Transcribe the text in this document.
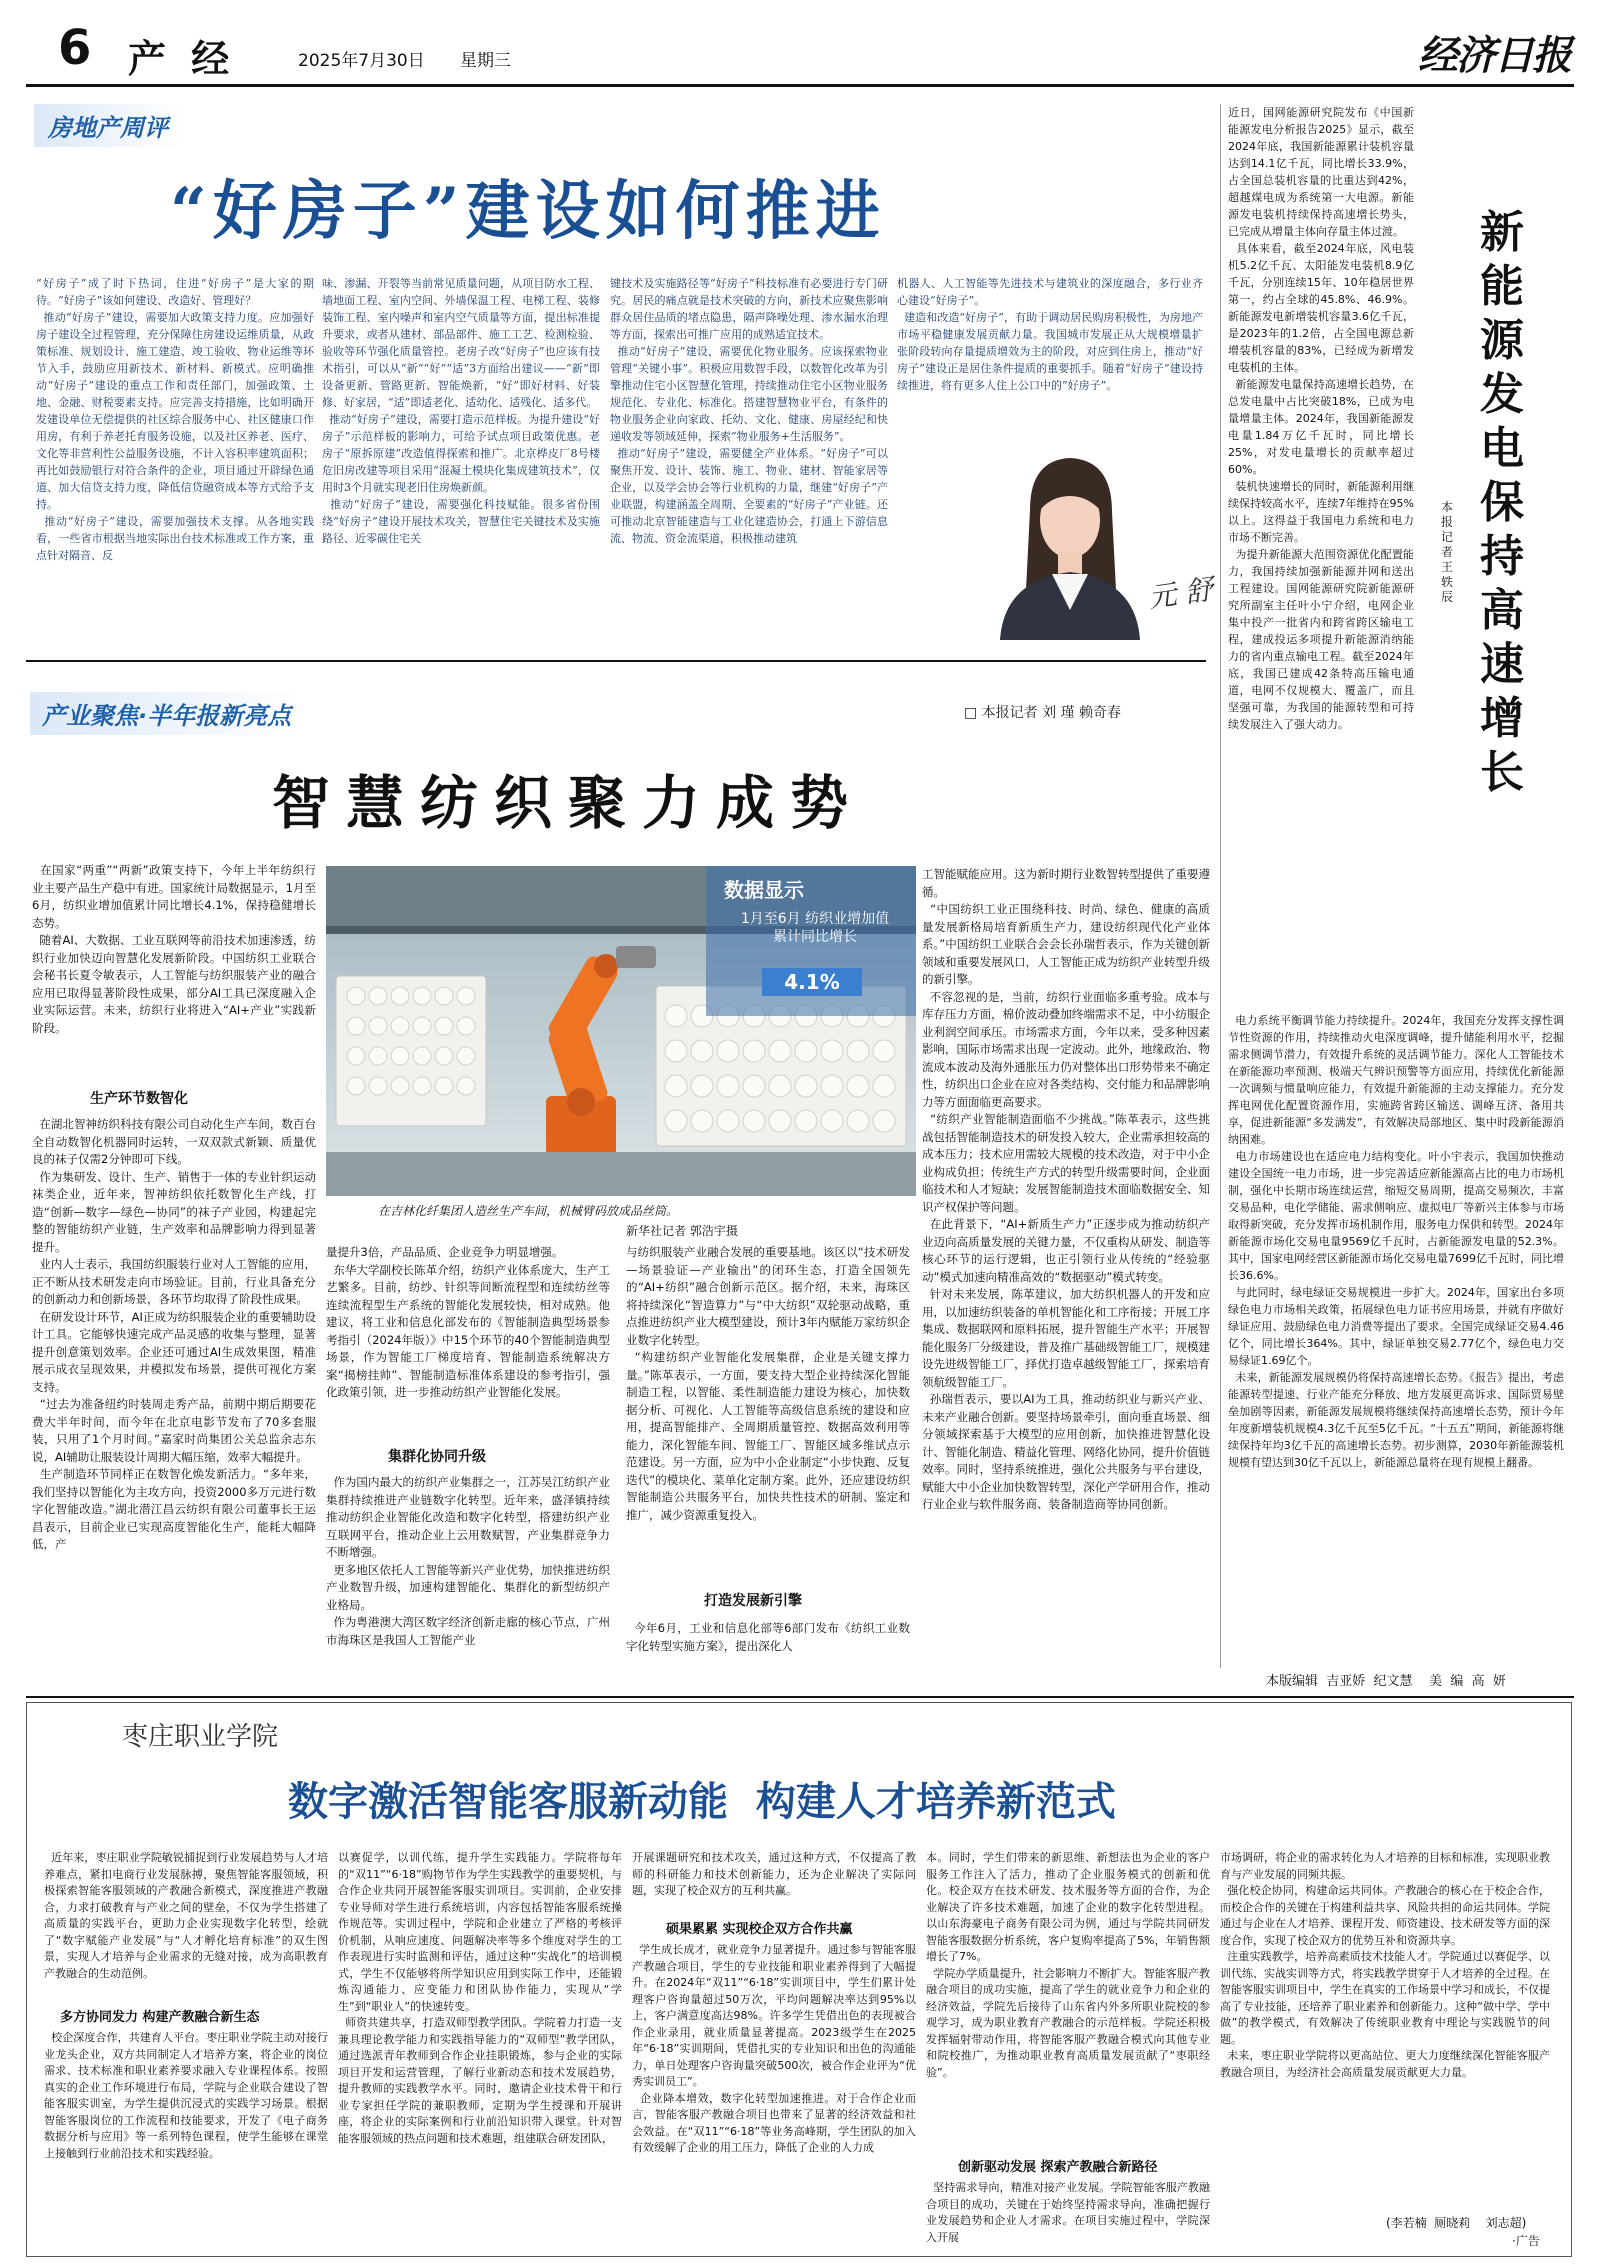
6 产 经	2025年7月30日 星期三	经济日报
房地产周评
“好房子”建设如何推进
“好房子”成了时下热词，住进“好房子”是大家的期待。“好房子”该如何建设、改造好、管理好？
推动“好房子”建设，需要加大政策支持力度。应加强好房子建设全过程管理，充分保障住房建设运维质量，从政策标准、规划设计、施工建造、竣工验收、物业运维等环节入手，鼓励应用新技术、新材料、新模式。应明确推动“好房子”建设的重点工作和责任部门，加强政策、土地、金融、财税要素支持。应完善支持措施，比如明确开发建设单位无偿提供的社区综合服务中心、社区健康口作用房，有利于养老托育服务设施，以及社区养老、医疗、文化等非营利性公益服务设施，不计入容积率建筑面积；再比如鼓励银行对符合条件的企业，项目通过开辟绿色通道、加大信贷支持力度，降低信贷融资成本等方式给予支持。
推动“好房子”建设，需要加强技术支撑。从各地实践看，一些省市根据当地实际出台技术标准或工作方案，重点针对隔音、反
味、渗漏、开裂等当前常见质量问题，从项目防水工程、墙地面工程、室内空间、外墙保温工程、电梯工程、装修装饰工程、室内噪声和室内空气质量等方面，提出标准提升要求，或者从建材、部品部件、施工工艺、检测检验、验收等环节强化质量管控。老房子改“好房子”也应该有技术指引，可以从“新”“好”“适”3方面给出建议——“新”即设备更新、管路更新、智能焕新，“好”即好材料、好装修、好家居，“适”即适老化、适幼化、适残化、适多代。
推动“好房子”建设，需要打造示范样板。为提升建设“好房子”示范样板的影响力，可给予试点项目政策优惠。老房子“原拆原建”改造值得探索和推广。北京桦皮厂8号楼危旧房改建等项目采用“混凝土模块化集成建筑技术”，仅用时3个月就实现老旧住房焕新颜。
推动“好房子”建设，需要强化科技赋能。很多省份围绕“好房子”建设开展技术攻关，智慧住宅关键技术及实施路径、近零碳住宅关
键技术及实施路径等“好房子”科技标准有必要进行专门研究。居民的痛点就是技术突破的方向，新技术应聚焦影响群众居住品质的堵点隐患，隔声降噪处理、渗水漏水治理等方面，探索出可推广应用的成熟适宜技术。
推动“好房子”建设，需要优化物业服务。应该探索物业管理“关键小事”。积极应用数智手段，以数智化改革为引擎推动住宅小区智慧化管理，持续推动住宅小区物业服务规范化、专业化、标准化。搭建智慧物业平台，有条件的物业服务企业向家政、托幼、文化、健康、房屋经纪和快递收发等领域延伸，探索“物业服务+生活服务”。
推动“好房子”建设，需要健全产业体系。“好房子”可以聚焦开发、设计、装饰、施工、物业、建材、智能家居等企业，以及学会协会等行业机构的力量，继建“好房子”产业联盟，构建涵盖全周期、全要素的“好房子”产业链。还可推动北京智能建造与工业化建造协会，打通上下游信息流、物流、资金流渠道，积极推动建筑
机器人、人工智能等先进技术与建筑业的深度融合，多行业齐心建设“好房子”。
建造和改造“好房子”，有助于调动居民购房积极性，为房地产市场平稳健康发展贡献力量。我国城市发展正从大规模增量扩张阶段转向存量提质增效为主的阶段，对应到住房上，推动“好房子”建设正是居住条件提质的重要抓手。随着“好房子”建设持续推进，将有更多人住上公口中的“好房子”。
元 舒
产业聚焦·半年报新亮点	□ 本报记者 刘 瑾 赖奇春
智慧纺织聚力成势
在国家“两重”“两新”政策支持下，今年上半年纺织行业主要产品生产稳中有进。国家统计局数据显示，1月至6月，纺织业增加值累计同比增长4.1%，保持稳健增长态势。
随着AI、大数据、工业互联网等前沿技术加速渗透，纺织行业加快迈向智慧化发展新阶段。中国纺织工业联合会秘书长夏令敏表示，人工智能与纺织服装产业的融合应用已取得显著阶段性成果，部分AI工具已深度融入企业实际运营。未来，纺织行业将进入“AI+产业”实践新阶段。
生产环节数智化
在湖北智神纺织科技有限公司自动化生产车间，数百台全自动数智化机器同时运转，一双双款式新颖、质量优良的袜子仅需2分钟即可下线。
作为集研发、设计、生产、销售于一体的专业针织运动袜类企业，近年来，智神纺织依托数智化生产线，打造“创新—数字—绿色—协同”的袜子产业园，构建起完整的智能纺织产业链，生产效率和品牌影响力得到显著提升。
业内人士表示，我国纺织服装行业对人工智能的应用，正不断从技术研发走向市场验证。目前，行业具备充分的创新动力和创新场景，各环节均取得了阶段性成果。
在研发设计环节，AI正成为纺织服装企业的重要辅助设计工具。它能够快速完成产品灵感的收集与整理，显著提升创意策划效率。企业还可通过AI生成效果图，精准展示成衣呈现效果，并模拟发布场景，提供可视化方案支持。
“过去为准备纽约时装周走秀产品，前期中期后期要花费大半年时间，而今年在北京电影节发布了70多套服装，只用了1个月时间。”嘉家时尚集团公关总监余志东说，AI辅助让服装设计周期大幅压缩，效率大幅提升。
生产制造环节同样正在数智化焕发新活力。“多年来，我们坚持以智能化为主攻方向，投资2000多万元进行数字化智能改造。”湖北潜江昌云纺织有限公司董事长王运昌表示，目前企业已实现高度智能化生产，能耗大幅降低，产
数据显示
1月至6月 纺织业增加值累计同比增长
4.1%
在吉林化纤集团人造丝生产车间，机械臂码放成品丝筒。
新华社记者 郭浩宇摄
量提升3倍，产品品质、企业竞争力明显增强。
东华大学副校长陈革介绍，纺织产业体系庞大，生产工艺繁多。目前，纺纱、针织等间断流程型和连续纺丝等连续流程型生产系统的智能化发展较快，相对成熟。他建议，将工业和信息化部发布的《智能制造典型场景参考指引（2024年版）》中15个环节的40个智能制造典型场景，作为智能工厂梯度培育、智能制造系统解决方案“揭榜挂帅”、智能制造标准体系建设的参考指引，强化政策引领，进一步推动纺织产业智能化发展。
集群化协同升级
作为国内最大的纺织产业集群之一，江苏吴江纺织产业集群持续推进产业链数字化转型。近年来，盛泽镇持续推动纺织企业智能化改造和数字化转型，搭建纺织产业互联网平台，推动企业上云用数赋智，产业集群竞争力不断增强。
更多地区依托人工智能等新兴产业优势，加快推进纺织产业数智升级，加速构建智能化、集群化的新型纺织产业格局。
作为粤港澳大湾区数字经济创新走廊的核心节点，广州市海珠区是我国人工智能产业
与纺织服装产业融合发展的重要基地。该区以“技术研发—场景验证—产业输出”的闭环生态，打造全国领先的“AI+纺织”融合创新示范区。据介绍，未来，海珠区将持续深化“智造算力”与“中大纺织”双轮驱动战略，重点推进纺织产业大模型建设，预计3年内赋能万家纺织企业数字化转型。
“构建纺织产业智能化发展集群，企业是关键支撑力量。”陈革表示，一方面，要支持大型企业持续深化智能制造工程，以智能、柔性制造能力建设为核心，加快数据分析、可视化、人工智能等高级信息系统的建设和应用，提高智能排产、全周期质量管控、数据高效利用等能力，深化智能车间、智能工厂、智能区域多维试点示范建设。另一方面，应为中小企业制定“小步快跑、反复迭代”的模块化、菜单化定制方案。此外，还应建设纺织智能制造公共服务平台，加快共性技术的研制、鉴定和推广，减少资源重复投入。
打造发展新引擎
今年6月，工业和信息化部等6部门发布《纺织工业数字化转型实施方案》，提出深化人
工智能赋能应用。这为新时期行业数智转型提供了重要遵循。
“中国纺织工业正围绕科技、时尚、绿色、健康的高质量发展新格局培育新质生产力，建设纺织现代化产业体系。”中国纺织工业联合会会长孙瑞哲表示，作为关键创新领域和重要发展风口，人工智能正成为纺织产业转型升级的新引擎。
不容忽视的是，当前，纺织行业面临多重考验。成本与库存压力方面，棉价波动叠加终端需求不足，中小纺服企业利润空间承压。市场需求方面，今年以来，受多种因素影响，国际市场需求出现一定波动。此外，地缘政治、物流成本波动及海外通胀压力仍对整体出口形势带来不确定性，纺织出口企业在应对各类结构、交付能力和品牌影响力等方面面临更高要求。
“纺织产业智能制造面临不少挑战。”陈革表示，这些挑战包括智能制造技术的研发投入较大，企业需承担较高的成本压力；技术应用需较大规模的技术改造，对于中小企业构成负担；传统生产方式的转型升级需要时间，企业面临技术和人才短缺；发展智能制造技术面临数据安全、知识产权保护等问题。
在此背景下，“AI+新质生产力”正逐步成为推动纺织产业迈向高质量发展的关键力量，不仅重构从研发、制造等核心环节的运行逻辑，也正引领行业从传统的“经验驱动”模式加速向精准高效的“数据驱动”模式转变。
针对未来发展，陈革建议，加大纺织机器人的开发和应用，以加速纺织装备的单机智能化和工序衔接；开展工序集成、数据联网和原料拓展，提升智能生产水平；开展智能化服务厂分级建设，普及推广基础级智能工厂，规模建设先进级智能工厂，择优打造卓越级智能工厂，探索培育领航级智能工厂。
孙瑞哲表示，要以AI为工具，推动纺织业与新兴产业、未来产业融合创新。要坚持场景牵引，面向垂直场景、细分领域探索基于大模型的应用创新，加快推进智慧化设计、智能化制造、精益化管理、网络化协同，提升价值链效率。同时，坚持系统推进，强化公共服务与平台建设，赋能大中小企业加快数智转型，深化产学研用合作，推动行业企业与软件服务商、装备制造商等协同创新。
近日，国网能源研究院发布《中国新能源发电分析报告2025》显示，截至2024年底，我国新能源累计装机容量达到14.1亿千瓦，同比增长33.9%，占全国总装机容量的比重达到42%，超越煤电成为系统第一大电源。新能源发电装机持续保持高速增长势头，已完成从增量主体向存量主体过渡。
具体来看，截至2024年底，风电装机5.2亿千瓦、太阳能发电装机8.9亿千瓦，分别连续15年、10年稳居世界第一，约占全球的45.8%、46.9%。新能源发电新增装机容量3.6亿千瓦，是2023年的1.2倍，占全国电源总新增装机容量的83%，已经成为新增发电装机的主体。
新能源发电量保持高速增长趋势，在总发电量中占比突破18%，已成为电量增量主体。2024年，我国新能源发电量1.84万亿千瓦时，同比增长25%，对发电量增长的贡献率超过60%。
装机快速增长的同时，新能源利用继续保持较高水平，连续7年维持在95%以上。这得益于我国电力系统和电力市场不断完善。
为提升新能源大范围资源优化配置能力，我国持续加强新能源并网和送出工程建设。国网能源研究院新能源研究所副室主任叶小宁介绍，电网企业集中投产一批省内和跨省跨区输电工程，建成投运多项提升新能源消纳能力的省内重点输电工程。截至2024年底，我国已建成42条特高压输电通道，电网不仅规模大、覆盖广，而且坚强可靠，为我国的能源转型和可持续发展注入了强大动力。
新
能
源
发
电
保
持
高
速
增
长
本
报
记
者
王
轶
辰
电力系统平衡调节能力持续提升。2024年，我国充分发挥支撑性调节性资源的作用，持续推动火电深度调峰，提升储能利用水平，挖掘需求侧调节潜力，有效提升系统的灵活调节能力。深化人工智能技术在新能源功率预测、极端天气辨识预警等方面应用，持续优化新能源一次调频与惯量响应能力，有效提升新能源的主动支撑能力。充分发挥电网优化配置资源作用，实施跨省跨区输送、调峰互济、备用共享，促进新能源“多发满发”，有效解决局部地区、集中时段新能源消纳困难。
电力市场建设也在适应电力结构变化。叶小宇表示，我国加快推动建设全国统一电力市场，进一步完善适应新能源高占比的电力市场机制，强化中长期市场连续运营，缩短交易周期，提高交易频次，丰富交易品种，电化学储能、需求侧响应、虚拟电厂等新兴主体参与市场取得新突破，充分发挥市场机制作用，服务电力保供和转型。2024年新能源市场化交易电量9569亿千瓦时，占新能源发电量的52.3%。其中，国家电网经营区新能源市场化交易电量7699亿千瓦时，同比增长36.6%。
与此同时，绿电绿证交易规模进一步扩大。2024年，国家出台多项绿色电力市场相关政策，拓展绿色电力证书应用场景，并就有序做好绿证应用、鼓励绿色电力消费等提出了要求。全国完成绿证交易4.46亿个，同比增长364%。其中，绿证单独交易2.77亿个，绿色电力交易绿证1.69亿个。
未来，新能源发展规模仍将保持高速增长态势。《报告》提出，考虑能源转型提速、行业产能充分释放、地方发展更高诉求、国际贸易壁垒加剧等因素，新能源发展规模将继续保持高速增长态势，预计今年年度新增装机规模4.3亿千瓦至5亿千瓦。“十五五”期间，新能源将继续保持年均3亿千瓦的高速增长态势。初步测算，2030年新能源装机规模有望达到30亿千瓦以上，新能源总量将在现有规模上翻番。
本版编辑  吉亚娇  纪文慧    美  编  高  妍
枣庄职业学院
数字激活智能客服新动能  构建人才培养新范式
近年来，枣庄职业学院敏锐捕捉到行业发展趋势与人才培养难点，紧扣电商行业发展脉搏，聚焦智能客服领域，积极探索智能客服领域的产教融合新模式，深度推进产教融合，力求打破教育与产业之间的壁垒，不仅为学生搭建了高质量的实践平台，更助力企业实现数字化转型，绘就了“数字赋能产业发展”与“人才孵化培育标准”的双生图景，实现人才培养与企业需求的无缝对接，成为高职教育产教融合的生动范例。
多方协同发力 构建产教融合新生态
校企深度合作，共建育人平台。枣庄职业学院主动对接行业龙头企业，双方共同制定人才培养方案，将企业的岗位需求、技术标准和职业素养要求融入专业课程体系。按照真实的企业工作环境进行布局，学院与企业联合建设了智能客服实训室，为学生提供沉浸式的实践学习场景。根据智能客服岗位的工作流程和技能要求，开发了《电子商务数据分析与应用》等一系列特色课程，使学生能够在课堂上接触到行业前沿技术和实践经验。
以赛促学，以训代练，提升学生实践能力。学院将每年的“双11”“6·18”购物节作为学生实践教学的重要契机，与合作企业共同开展智能客服实训项目。实训前，企业安排专业导师对学生进行系统培训，内容包括智能客服系统操作规范等。实训过程中，学院和企业建立了严格的考核评价机制，从响应速度、问题解决率等多个维度对学生的工作表现进行实时监测和评估，通过这种“实战化”的培训模式，学生不仅能够将所学知识应用到实际工作中，还能锻炼沟通能力、应变能力和团队协作能力，实现从“学生”到“职业人”的快速转变。
师资共建共享，打造双师型教学团队。学院着力打造一支兼具理论教学能力和实践指导能力的“双师型”教学团队，通过选派青年教师到合作企业挂职锻炼，参与企业的实际项目开发和运营管理，了解行业新动态和技术发展趋势，提升教师的实践教学水平。同时，邀请企业技术骨干和行业专家担任学院的兼职教师，定期为学生授课和开展讲座，将企业的实际案例和行业前沿知识带入课堂。针对智能客服领域的热点问题和技术难题，组建联合研发团队，
开展课题研究和技术攻关，通过这种方式，不仅提高了教师的科研能力和技术创新能力，还为企业解决了实际问题，实现了校企双方的互利共赢。
硕果累累 实现校企双方合作共赢
学生成长成才，就业竞争力显著提升。通过参与智能客服产教融合项目，学生的专业技能和职业素养得到了大幅提升。在2024年“双11”“6·18”实训项目中，学生们累计处理客户咨询量超过50万次，平均问题解决率达到95%以上，客户满意度高达98%。许多学生凭借出色的表现被合作企业录用，就业质量显著提高。2023级学生在2025年“6·18”实训期间，凭借扎实的专业知识和出色的沟通能力，单日处理客户咨询量突破500次，被合作企业评为“优秀实训员工”。
企业降本增效，数字化转型加速推进。对于合作企业而言，智能客服产教融合项目也带来了显著的经济效益和社会效益。在“双11”“6·18”等业务高峰期，学生团队的加入有效缓解了企业的用工压力，降低了企业的人力成
本。同时，学生们带来的新思维、新想法也为企业的客户服务工作注入了活力，推动了企业服务模式的创新和优化。校企双方在技术研发、技术服务等方面的合作，为企业解决了许多技术难题，加速了企业的数字化转型进程。以山东海豪电子商务有限公司为例，通过与学院共同研发智能客服数据分析系统，客户复购率提高了5%，年销售额增长了7%。
学院办学质量提升，社会影响力不断扩大。智能客服产教融合项目的成功实施，提高了学生的就业竞争力和企业的经济效益，学院先后接待了山东省内外多所职业院校的参观学习，成为职业教育产教融合的示范样板。学院还积极发挥辐射带动作用，将智能客服产教融合模式向其他专业和院校推广，为推动职业教育高质量发展贡献了“枣职经验”。
创新驱动发展 探索产教融合新路径
坚持需求导向，精准对接产业发展。学院智能客服产教融合项目的成功，关键在于始终坚持需求导向，准确把握行业发展趋势和企业人才需求。在项目实施过程中，学院深入开展
市场调研，将企业的需求转化为人才培养的目标和标准，实现职业教育与产业发展的同频共振。
强化校企协同，构建命运共同体。产教融合的核心在于校企合作，而校企合作的关键在于构建利益共享、风险共担的命运共同体。学院通过与企业在人才培养、课程开发、师资建设、技术研发等方面的深度合作，实现了校企双方的优势互补和资源共享。
注重实践教学，培养高素质技术技能人才。学院通过以赛促学、以训代练、实战实训等方式，将实践教学贯穿于人才培养的全过程。在智能客服实训项目中，学生在真实的工作场景中学习和成长，不仅提高了专业技能，还培养了职业素养和创新能力。这种“做中学、学中做”的教学模式，有效解决了传统职业教育中理论与实践脱节的问题。
未来，枣庄职业学院将以更高站位、更大力度继续深化智能客服产教融合项目，为经济社会高质量发展贡献更大力量。
(李若楠  厕晓莉    刘志超)
·广告
